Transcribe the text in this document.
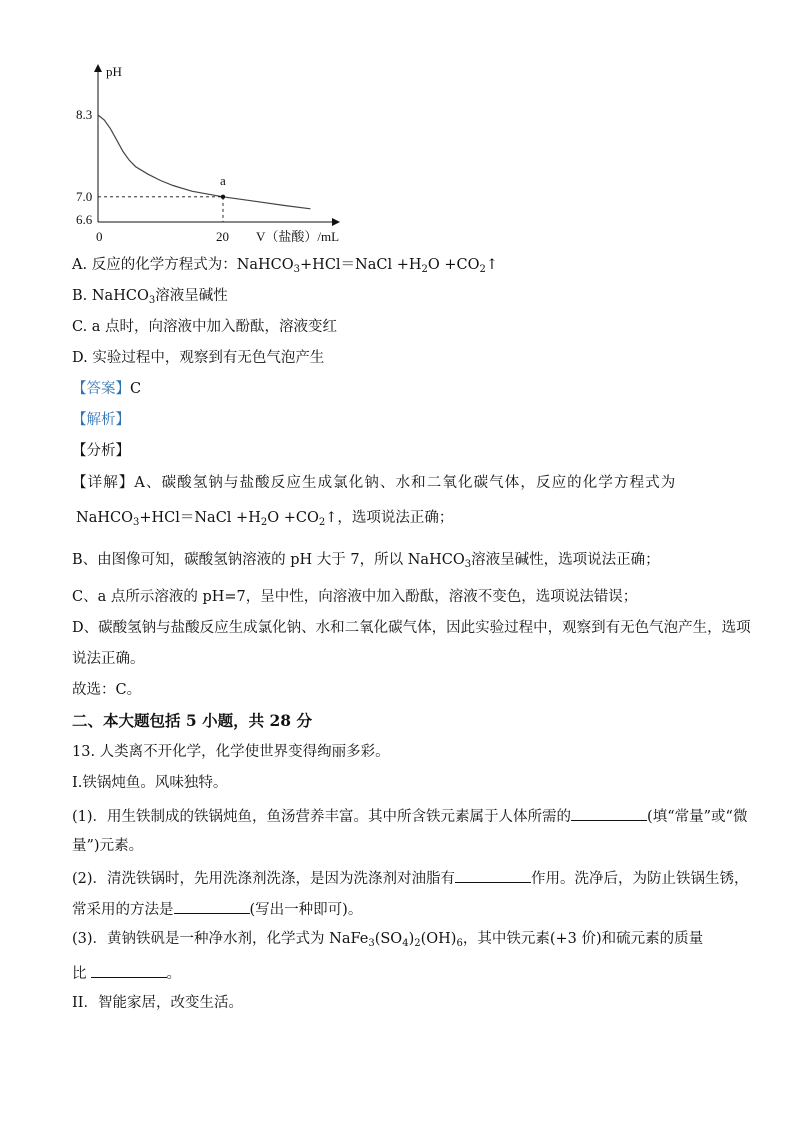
pH
V（盐酸）/mL
8.3
7.0
6.6
0	20
a
A. 反应的化学方程式为：NaHCO$_3$+HCl＝NaCl $+H_2O$ $+CO_2↑$
B. NaHCO$_3$溶液呈碱性
C. a 点时，向溶液中加入酚酞，溶液变红
D. 实验过程中，观察到有无色气泡产生
【答案】C
【解析】
【分析】
【详解】A、碳酸氢钠与盐酸反应生成氯化钠、水和二氧化碳气体，反应的化学方程式为
NaHCO$_3$+HCl＝NaCl $+H_2O$ $+CO_2↑$，选项说法正确；
B、由图像可知，碳酸氢钠溶液的 pH 大于 7，所以 NaHCO$_3$溶液呈碱性，选项说法正确；
C、a 点所示溶液的 pH=7，呈中性，向溶液中加入酚酞，溶液不变色，选项说法错误；
D、碳酸氢钠与盐酸反应生成氯化钠、水和二氧化碳气体，因此实验过程中，观察到有无色气泡产生，选项
说法正确。
故选：C。
二、本大题包括 5 小题，共 28 分
13. 人类离不开化学，化学使世界变得绚丽多彩。
I.铁锅炖鱼。风味独特。
(1)．用生铁制成的铁锅炖鱼，鱼汤营养丰富。其中所含铁元素属于人体所需的	(填“常量”或“微
量”)元素。
(2)．清洗铁锅时，先用洗涤剂洗涤，是因为洗涤剂对油脂有	作用。洗净后，为防止铁锅生锈，
常采用的方法是	(写出一种即可)。
(3)．黄钠铁矾是一种净水剂，化学式为 $NaFe_3(SO_4)_2(OH)_6$，其中铁元素(+3 价)和硫元素的质量
比	。
II．智能家居，改变生活。
